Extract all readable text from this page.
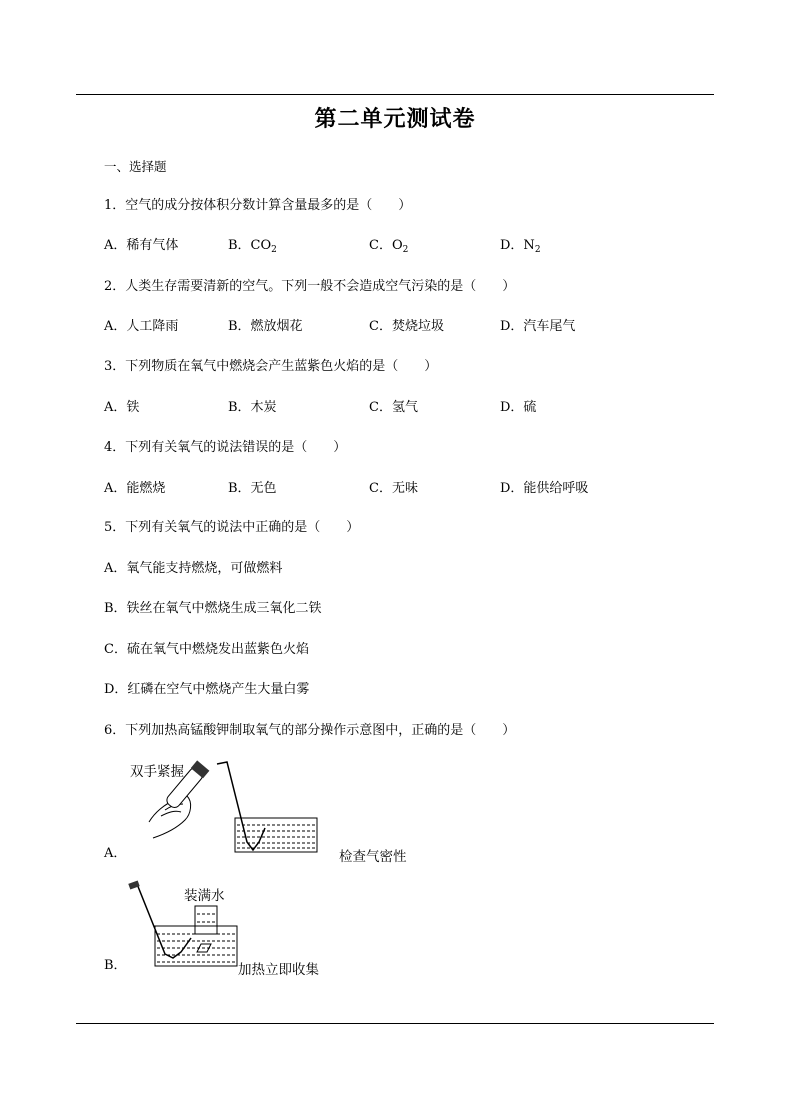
第二单元测试卷
一、选择题
1．空气的成分按体积分数计算含量最多的是（　　）
A．稀有气体	B．$CO_2$	C．$O_2$	D．$N_2$
2．人类生存需要清新的空气。下列一般不会造成空气污染的是（　　）
A．人工降雨	B．燃放烟花	C．焚烧垃圾	D．汽车尾气
3．下列物质在氧气中燃烧会产生蓝紫色火焰的是（　　）
A．铁	B．木炭	C．氢气	D．硫
4．下列有关氧气的说法错误的是（　　）
A．能燃烧	B．无色	C．无味	D．能供给呼吸
5．下列有关氧气的说法中正确的是（　　）
A．氧气能支持燃烧，可做燃料
B．铁丝在氧气中燃烧生成三氧化二铁
C．硫在氧气中燃烧发出蓝紫色火焰
D．红磷在空气中燃烧产生大量白雾
6．下列加热高锰酸钾制取氧气的部分操作示意图中，正确的是（　　）
A．
双手紧握
检查气密性
B．
装满水
加热立即收集
